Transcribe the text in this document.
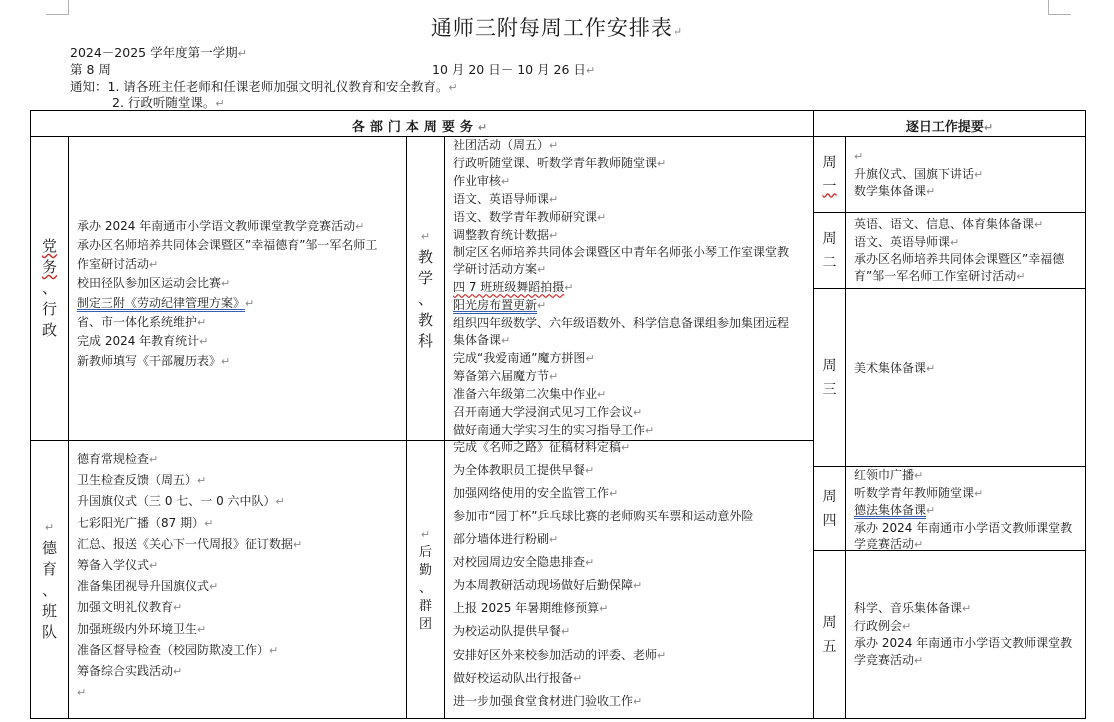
通师三附每周工作安排表↵
2024－2025 学年度第一学期↵
第 8 周	10 月 20 日－ 10 月 26 日↵
通知：1. 请各班主任老师和任课老师加强文明礼仪教育和安全教育。↵
2. 行政听随堂课。↵
各部门本周要务↵	逐日工作提要↵
党
务
、
行
政
承办 2024 年南通市小学语文教师课堂教学竞赛活动↵
承办区名师培养共同体会课暨区”幸福德育”邹一军名师工
作室研讨活动↵
校田径队参加区运动会比赛↵
制定三附《劳动纪律管理方案》↵
省、市一体化系统维护↵
完成 2024 年教育统计↵
新教师填写《干部履历表》↵
↵
教
学
、
教
科
社团活动（周五）↵
行政听随堂课、听数学青年教师随堂课↵
作业审核↵
语文、英语导师课↵
语文、数学青年教师研究课↵
调整教育统计数据↵
制定区名师培养共同体会课暨区中青年名师张小琴工作室课堂教
学研讨活动方案↵
四 7 班班级舞蹈拍摄↵
阳光房布置更新↵
组织四年级数学、六年级语数外、科学信息备课组参加集团远程
集体备课↵
完成“我爱南通”魔方拼图↵
筹备第六届魔方节↵
准备六年级第二次集中作业↵
召开南通大学浸润式见习工作会议↵
做好南通大学实习生的实习指导工作↵
完成《名师之路》征稿材料定稿↵
↵
德
育
、
班
队
德育常规检查↵
卫生检查反馈（周五）↵
升国旗仪式（三 0 七、一 0 六中队）↵
七彩阳光广播（87 期）↵
汇总、报送《关心下一代周报》征订数据↵
筹备入学仪式↵
准备集团视导升国旗仪式↵
加强文明礼仪教育↵
加强班级内外环境卫生↵
准备区督导检查（校园防欺凌工作）↵
筹备综合实践活动↵
↵
↵
后
勤
、
群
团
为全体教职员工提供早餐↵
加强网络使用的安全监管工作↵
参加市“园丁杯”乒乓球比赛的老师购买车票和运动意外险
部分墙体进行粉刷↵
对校园周边安全隐患排查↵
为本周教研活动现场做好后勤保障↵
上报 2025 年暑期维修预算↵
为校运动队提供早餐↵
安排好区外来校参加活动的评委、老师↵
做好校运动队出行报备↵
进一步加强食堂食材进门验收工作↵
周
一
↵
升旗仪式、国旗下讲话↵
数学集体备课↵
周
二
英语、语文、信息、体育集体备课↵
语文、英语导师课↵
承办区名师培养共同体会课暨区”幸福德育”邹一军名师工作室研讨活动↵
周
三
美术集体备课↵
周
四
红领巾广播↵
听数学青年教师随堂课↵
德法集体备课↵
承办 2024 年南通市小学语文教师课堂教学竞赛活动↵
周
五
科学、音乐集体备课↵
行政例会↵
承办 2024 年南通市小学语文教师课堂教学竞赛活动↵
